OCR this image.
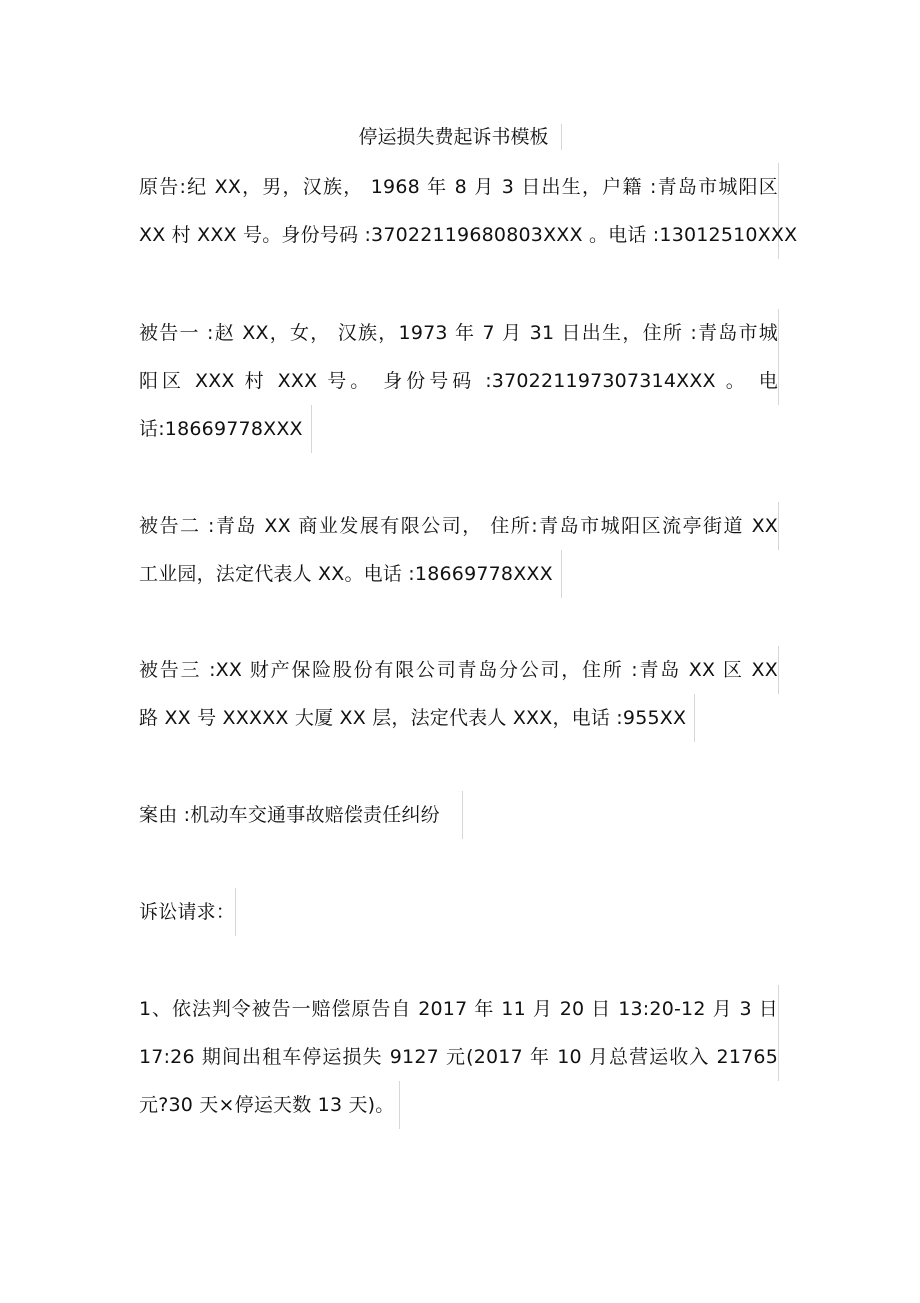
停运损失费起诉书模板
原告:纪 XX，男，汉族， 1968 年 8 月 3 日出生，户籍 :青岛市城阳区
XX 村 XXX 号。身份号码 :37022119680803XXX 。电话 :13012510XXX
被告一 :赵 XX，女， 汉族，1973 年 7 月 31 日出生，住所 :青岛市城
阳区 XXX 村 XXX 号。 身份号码 :370221197307314XXX 。 电
话:18669778XXX
被告二 :青岛 XX 商业发展有限公司， 住所:青岛市城阳区流亭街道 XX
工业园，法定代表人 XX。电话 :18669778XXX
被告三 :XX 财产保险股份有限公司青岛分公司，住所 :青岛 XX 区 XX
路 XX 号 XXXXX 大厦 XX 层，法定代表人 XXX，电话 :955XX
案由 :机动车交通事故赔偿责任纠纷
诉讼请求：
1、依法判令被告一赔偿原告自 2017 年 11 月 20 日 13:20-12 月 3 日
17:26 期间出租车停运损失 9127 元(2017 年 10 月总营运收入 21765
元?30 天×停运天数 13 天)。
